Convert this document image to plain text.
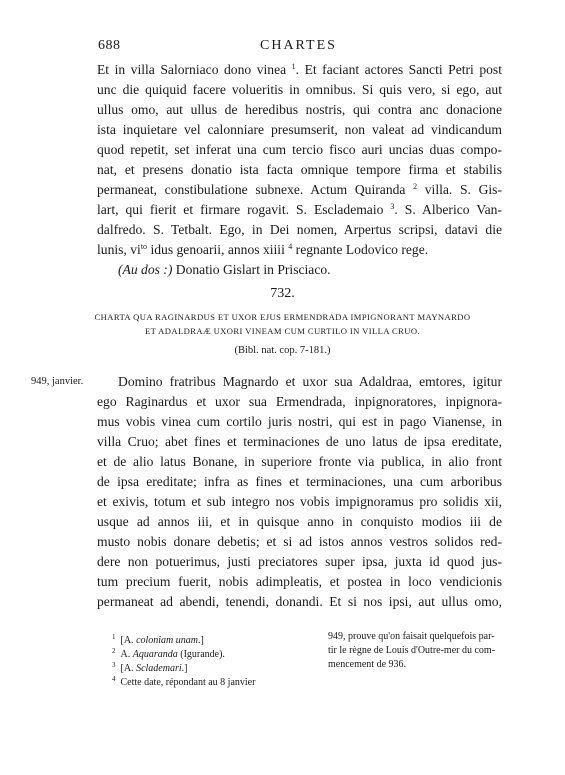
688	CHARTES
Et in villa Salorniaco dono vinea $^1$. Et faciant actores Sancti Petri post
unc die quiquid facere volueritis in omnibus. Si quis vero, si ego, aut
ullus omo, aut ullus de heredibus nostris, qui contra anc donacione
ista inquietare vel calonniare presumserit, non valeat ad vindicandum
quod repetit, set inferat una cum tercio fisco auri uncias duas compo-
nat, et presens donatio ista facta omnique tempore firma et stabilis
permaneat, constibulatione subnexe. Actum Quiranda $^2$ villa. S. Gis-
lart, qui fierit et firmare rogavit. S. Esclademaio $^3$. S. Alberico Van-
dalfredo. S. Tetbalt. Ego, in Dei nomen, Arpertus scripsi, datavi die
lunis, $vi^{to}$ idus genoarii, annos xiiii $^4$ regnante Lodovico rege.
(Au dos :) Donatio Gislart in Prisciaco.
732.
CHARTA QUA RAGINARDUS ET UXOR EJUS ERMENDRADA IMPIGNORANT MAYNARDO
ET ADALDRAÆ UXORI VINEAM CUM CURTILO IN VILLA CRUO.
(Bibl. nat. cop. 7-181.)
949, janvier.	Domino fratribus Magnardo et uxor sua Adaldraa, emtores, igitur
ego Raginardus et uxor sua Ermendrada, inpignoratores, inpignora-
mus vobis vinea cum cortilo juris nostri, qui est in pago Vianense, in
villa Cruo; abet fines et terminaciones de uno latus de ipsa ereditate,
et de alio latus Bonane, in superiore fronte via publica, in alio front
de ipsa ereditate; infra as fines et terminaciones, una cum arboribus
et exivis, totum et sub integro nos vobis impignoramus pro solidis xii,
usque ad annos iii, et in quisque anno in conquisto modios iii de
musto nobis donare debetis; et si ad istos annos vestros solidos red-
dere non potuerimus, justi preciatores super ipsa, juxta id quod jus-
tum precium fuerit, nobis adimpleatis, et postea in loco vendicionis
permaneat ad abendi, tenendi, donandi. Et si nos ipsi, aut ullus omo,
$^1$ [A. coloniam unam.]
$^2$ A. Aquaranda (Igurande).
$^3$ [A. Sclademari.]
$^4$ Cette date, répondant au 8 janvier
949, prouve qu'on faisait quelquefois par-
tir le règne de Louis d'Outre-mer du com-
mencement de 936.
